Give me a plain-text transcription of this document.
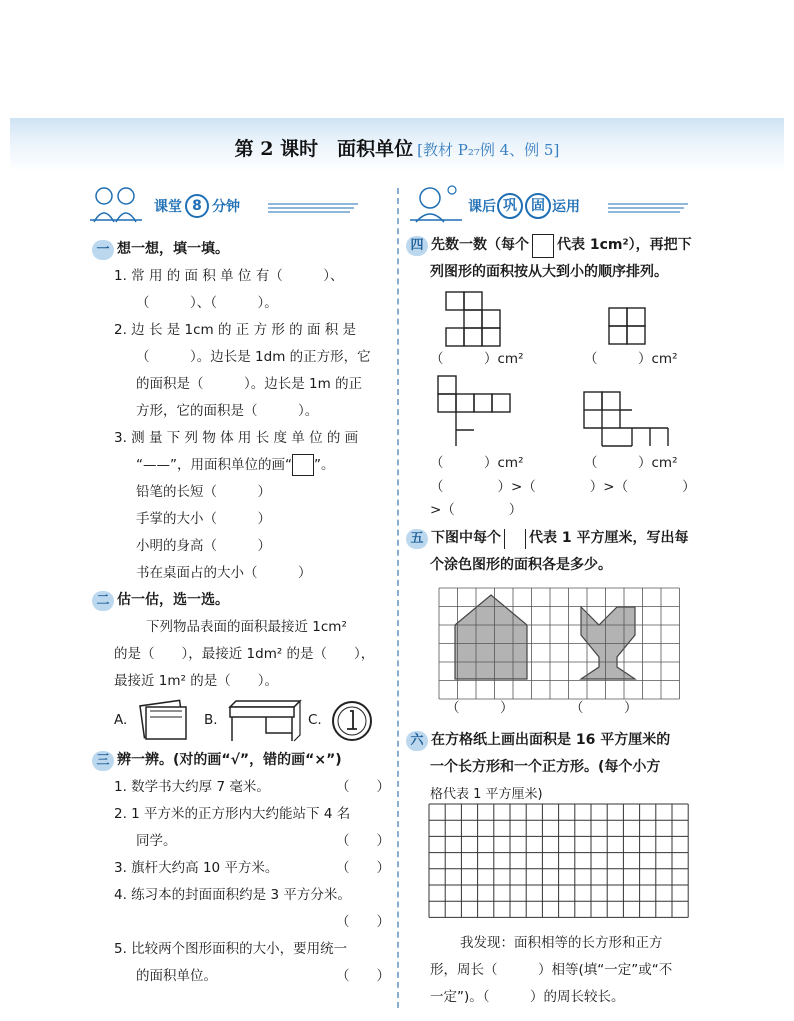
第 2 课时　面积单位 [教材 P₂₇例 4、例 5]
课堂 8 分钟	课后 巩	固 运用
一 想一想，填一填。
1. 常 用 的 面 积 单 位 有（　　　）、
（　　　）、（　　　）。
2. 边 长 是 1cm 的 正 方 形 的 面 积 是
（　　　）。边长是 1dm 的正方形，它
的面积是（　　　）。边长是 1m 的正
方形，它的面积是（　　　）。
3. 测 量 下 列 物 体 用 长 度 单 位 的 画
“——”，用面积单位的画“ ”。
铅笔的长短（　　　）
手掌的大小（　　　）
小明的身高（　　　）
书在桌面占的大小（　　　）
二 估一估，选一选。
下列物品表面的面积最接近 1cm²
的是（　　），最接近 1dm² 的是（　　），
最接近 1m² 的是（　　）。
A.	B.	C.
三 辨一辨。(对的画“√”，错的画“×”)
1. 数学书大约厚 7 毫米。	（　　）
2. 1 平方米的正方形内大约能站下 4 名
同学。	（　　）
3. 旗杆大约高 10 平方米。	（　　）
4. 练习本的封面面积约是 3 平方分米。
（　　）
5. 比较两个图形面积的大小，要用统一
的面积单位。	（　　）
四 先数一数（每个 代表 1cm²），再把下
列图形的面积按从大到小的顺序排列。
（　　　）cm²	（　　　）cm²
（　　　）cm²	（　　　）cm²
（　　　　）>（　　　　）>（　　　　）
>（　　　　）
五 下图中每个 代表 1 平方厘米，写出每
个涂色图形的面积各是多少。
（　　　）	（　　　）
六 在方格纸上画出面积是 16 平方厘米的
一个长方形和一个正方形。(每个小方
格代表 1 平方厘米)
我发现：面积相等的长方形和正方
形，周长（　　　）相等(填“一定”或“不
一定”)。（　　　）的周长较长。
